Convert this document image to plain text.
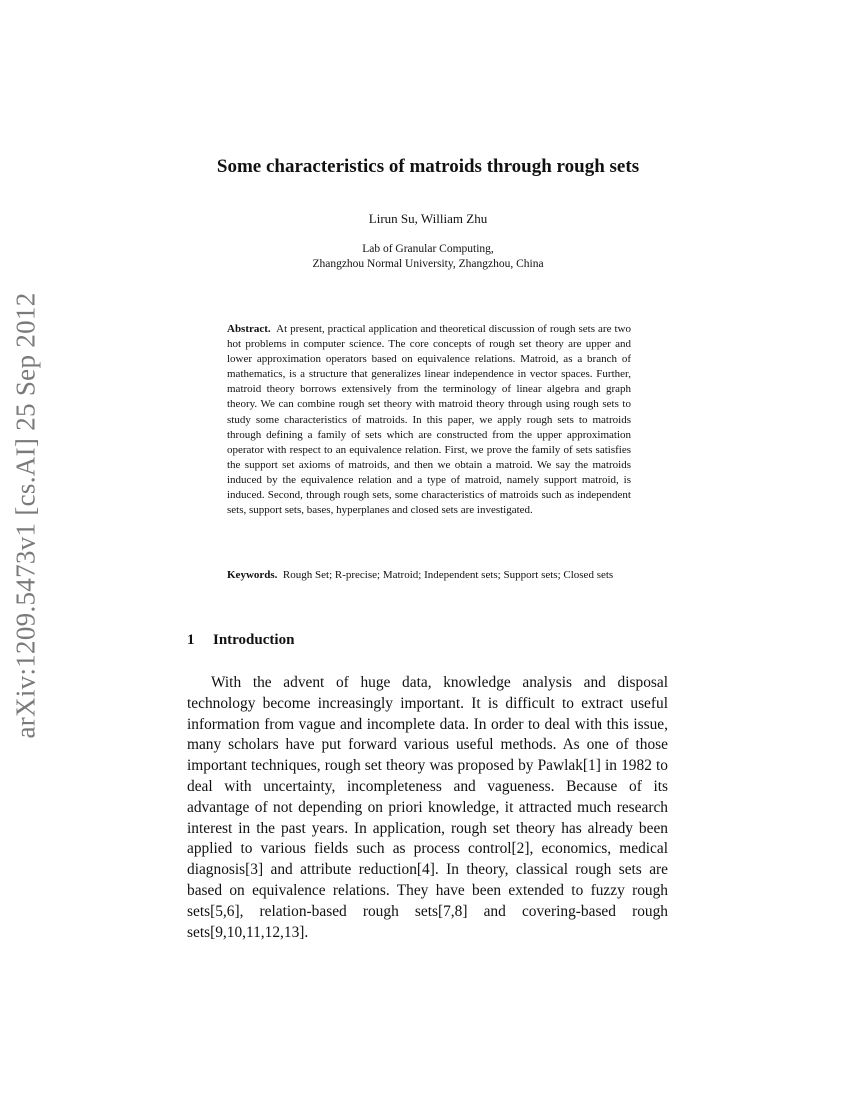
arXiv:1209.5473v1 [cs.AI] 25 Sep 2012
Some characteristics of matroids through rough sets
Lirun Su, William Zhu
Lab of Granular Computing,
Zhangzhou Normal University, Zhangzhou, China

Abstract. At present, practical application and theoretical discussion of rough sets are two hot problems in computer science. The core concepts of rough set theory are upper and lower approximation operators based on equivalence relations. Matroid, as a branch of mathematics, is a structure that generalizes linear independence in vector spaces. Further, matroid theory borrows extensively from the terminology of linear algebra and graph theory. We can combine rough set theory with matroid theory through using rough sets to study some characteristics of matroids. In this paper, we apply rough sets to matroids through defining a family of sets which are constructed from the upper approximation operator with respect to an equivalence relation. First, we prove the family of sets satisfies the support set axioms of matroids, and then we obtain a matroid. We say the matroids induced by the equivalence relation and a type of matroid, namely support matroid, is induced. Second, through rough sets, some characteristics of matroids such as independent sets, support sets, bases, hyperplanes and closed sets are investigated.

Keywords. Rough Set; R-precise; Matroid; Independent sets; Support sets; Closed sets

1 Introduction

With the advent of huge data, knowledge analysis and disposal technology become increasingly important. It is difficult to extract useful information from vague and incomplete data. In order to deal with this issue, many scholars have put forward various useful methods. As one of those important techniques, rough set theory was proposed by Pawlak[1] in 1982 to deal with uncertainty, incompleteness and vagueness. Because of its advantage of not depending on priori knowledge, it attracted much research interest in the past years. In application, rough set theory has already been applied to various fields such as process control[2], economics, medical diagnosis[3] and attribute reduction[4]. In theory, classical rough sets are based on equivalence relations. They have been extended to fuzzy rough sets[5,6], relation-based rough sets[7,8] and covering-based rough sets[9,10,11,12,13].
